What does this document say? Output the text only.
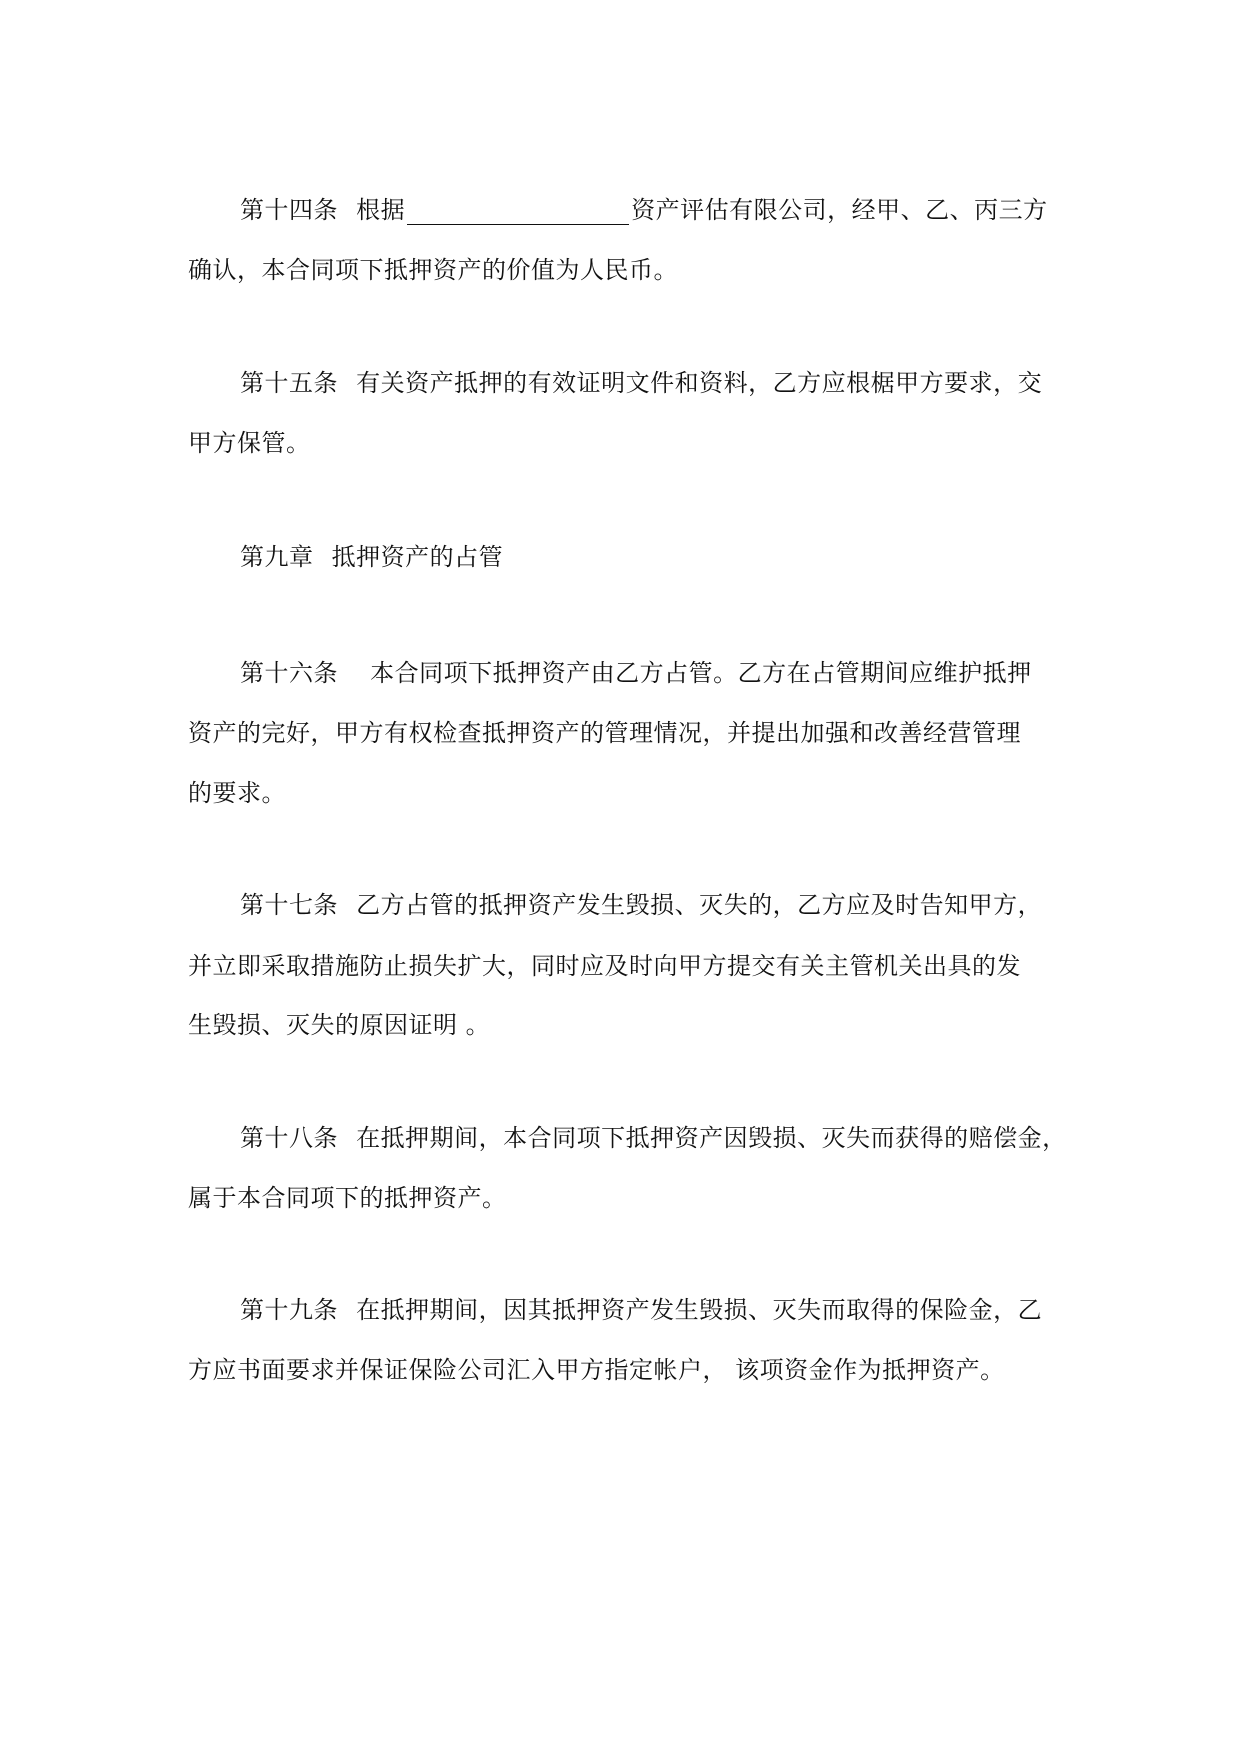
第十四条 根据	资产评估有限公司，经甲、乙、丙三方
确认，本合同项下抵押资产的价值为人民币。
第十五条 有关资产抵押的有效证明文件和资料，乙方应根椐甲方要求，交
甲方保管。
第九章 抵押资产的占管
第十六条 本合同项下抵押资产由乙方占管。乙方在占管期间应维护抵押
资产的完好，甲方有权检查抵押资产的管理情况，并提出加强和改善经营管理
的要求。
第十七条 乙方占管的抵押资产发生毁损、灭失的，乙方应及时告知甲方，
并立即采取措施防止损失扩大，同时应及时向甲方提交有关主管机关出具的发
生毁损、灭失的原因证明 。
第十八条 在抵押期间，本合同项下抵押资产因毁损、灭失而获得的赔偿金，
属于本合同项下的抵押资产。
第十九条 在抵押期间，因其抵押资产发生毁损、灭失而取得的保险金，乙
方应书面要求并保证保险公司汇入甲方指定帐户， 该项资金作为抵押资产。
